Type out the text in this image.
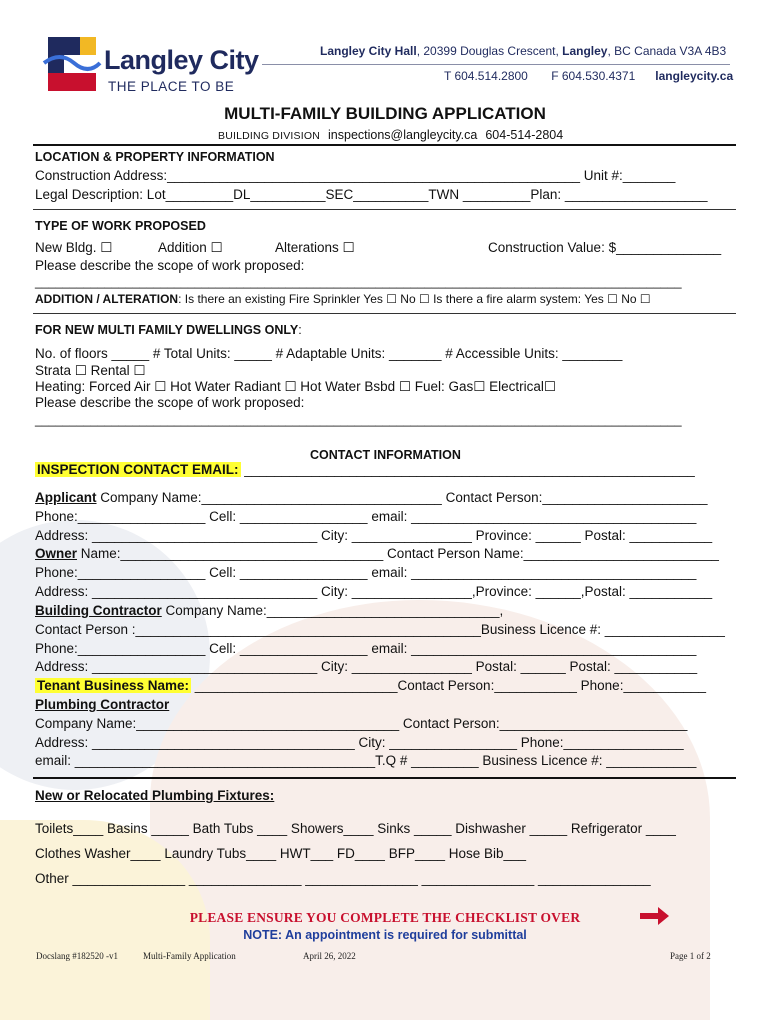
Langley City
THE PLACE TO BE
Langley City Hall, 20399 Douglas Crescent, Langley, BC Canada V3A 4B3
T 604.514.2800 F 604.530.4371 langleycity.ca
MULTI-FAMILY BUILDING APPLICATION
BUILDING DIVISION inspections@langleycity.ca 604-514-2804
LOCATION & PROPERTY INFORMATION
Construction Address:_______________________________________________________ Unit #:_______
Legal Description: Lot_________DL__________SEC__________TWN _________Plan: ___________________
TYPE OF WORK PROPOSED
New Bldg. ☐	Addition ☐	Alterations ☐	Construction Value: $______________
Please describe the scope of work proposed:
_____________________________________________________________________________________________
ADDITION / ALTERATION: Is there an existing Fire Sprinkler Yes ☐ No ☐ Is there a fire alarm system: Yes ☐ No ☐
FOR NEW MULTI FAMILY DWELLINGS ONLY:
No. of floors _____ # Total Units: _____ # Adaptable Units: _______ # Accessible Units: ________
Strata ☐ Rental ☐
Heating: Forced Air ☐ Hot Water Radiant ☐ Hot Water Bsbd ☐ Fuel: Gas☐ Electrical☐
Please describe the scope of work proposed:
_____________________________________________________________________________________________
CONTACT INFORMATION
INSPECTION CONTACT EMAIL: ____________________________________________________________
Applicant Company Name:________________________________ Contact Person:______________________
Phone:_________________ Cell: _________________ email: ______________________________________
Address: ______________________________ City: ________________ Province: ______ Postal: ___________
Owner Name:___________________________________ Contact Person Name:__________________________
Phone:_________________ Cell: _________________ email: ______________________________________
Address: ______________________________ City: ________________,Province: ______,Postal: ___________
Building Contractor Company Name:_______________________________,
Contact Person :______________________________________________Business Licence #: ________________
Phone:_________________ Cell: _________________ email: ______________________________________
Address: ______________________________ City: ________________ Postal: ______ Postal: ___________
Tenant Business Name: ___________________________Contact Person:___________ Phone:___________
Plumbing Contractor
Company Name:___________________________________ Contact Person:_________________________
Address: ___________________________________ City: _________________ Phone:________________
email: ________________________________________T.Q # _________ Business Licence #: ____________
New or Relocated Plumbing Fixtures:
Toilets____ Basins _____ Bath Tubs ____ Showers____ Sinks _____ Dishwasher _____ Refrigerator ____
Clothes Washer____ Laundry Tubs____ HWT___ FD____ BFP____ Hose Bib___
Other _______________ _______________ _______________ _______________ _______________
PLEASE ENSURE YOU COMPLETE THE CHECKLIST OVER
NOTE: An appointment is required for submittal
Docslang #182520 -v1	Multi-Family Application	April 26, 2022	Page 1 of 2
